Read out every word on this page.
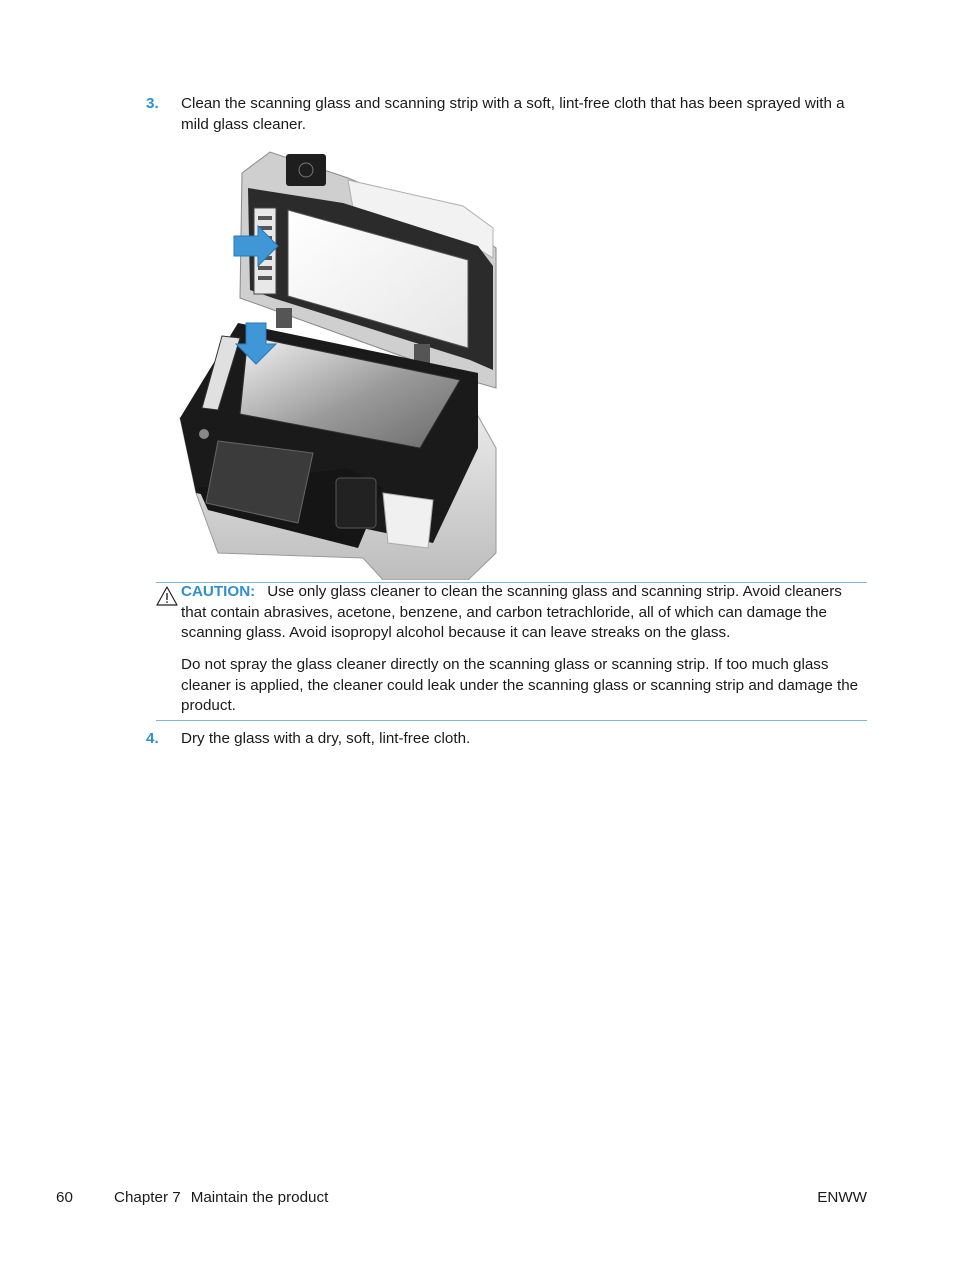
3. Clean the scanning glass and scanning strip with a soft, lint-free cloth that has been sprayed with a mild glass cleaner.
CAUTION: Use only glass cleaner to clean the scanning glass and scanning strip. Avoid cleaners that contain abrasives, acetone, benzene, and carbon tetrachloride, all of which can damage the scanning glass. Avoid isopropyl alcohol because it can leave streaks on the glass.
Do not spray the glass cleaner directly on the scanning glass or scanning strip. If too much glass cleaner is applied, the cleaner could leak under the scanning glass or scanning strip and damage the product.
4. Dry the glass with a dry, soft, lint-free cloth.
60	Chapter 7 Maintain the product	ENWW
